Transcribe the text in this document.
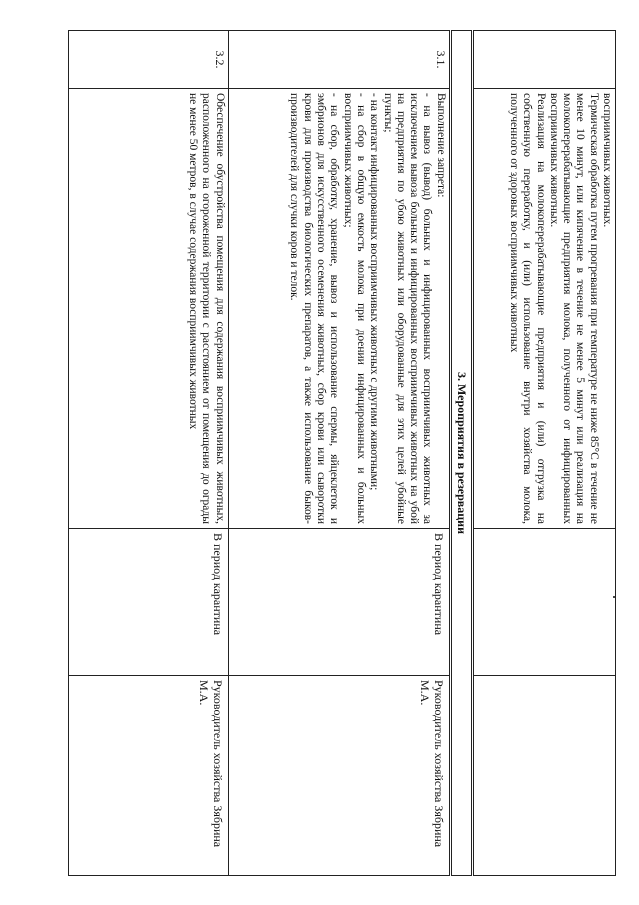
	восприимчивых животных.
Термическая обработка путем прогревания при температуре не ниже 85°С в течение не менее 10 минут, или кипячение в течение не менее 5 минут или реализация на молокоперерабатывающие предприятия молока, полученного от инфицированных восприимчивых животных.
Реализация на молокоперерабатывающие предприятия и (или) отгрузка на собственную переработку, и (или) использование внутри хозяйства молока, полученного от здоровых восприимчивых животных		

3. Мероприятия в резервации			
3.1.	Выполнение запрета:
- на вывоз (вывод) больных и инфицированных восприимчивых животных за исключением вывоза больных и инфицированных восприимчивых животных на убой на предприятия по убою животных или оборудованные для этих целей убойные пункты;
- на контакт инфицированных восприимчивых животных с другими животными;
- на сбор в общую емкость молока при доении инфицированных и больных восприимчивых животных;
- на сбор, обработку, хранение, вывоз и использование спермы, яйцеклеток и эмбрионов для искусственного осеменения животных, сбор крови или сыворотки крови для производства биологических препаратов, а также использование быков-производителей для случки коров и телок.	В период карантина	Руководитель хозяйства Зябрина М.А.
3.2.	Обеспечение обустройства помещения для содержания восприимчивых животных, расположенного на огороженной территории с расстоянием от помещения до ограды не менее 50 метров, в случае содержания восприимчивых животных	В период карантина	Руководитель хозяйства Зябрина М.А.
